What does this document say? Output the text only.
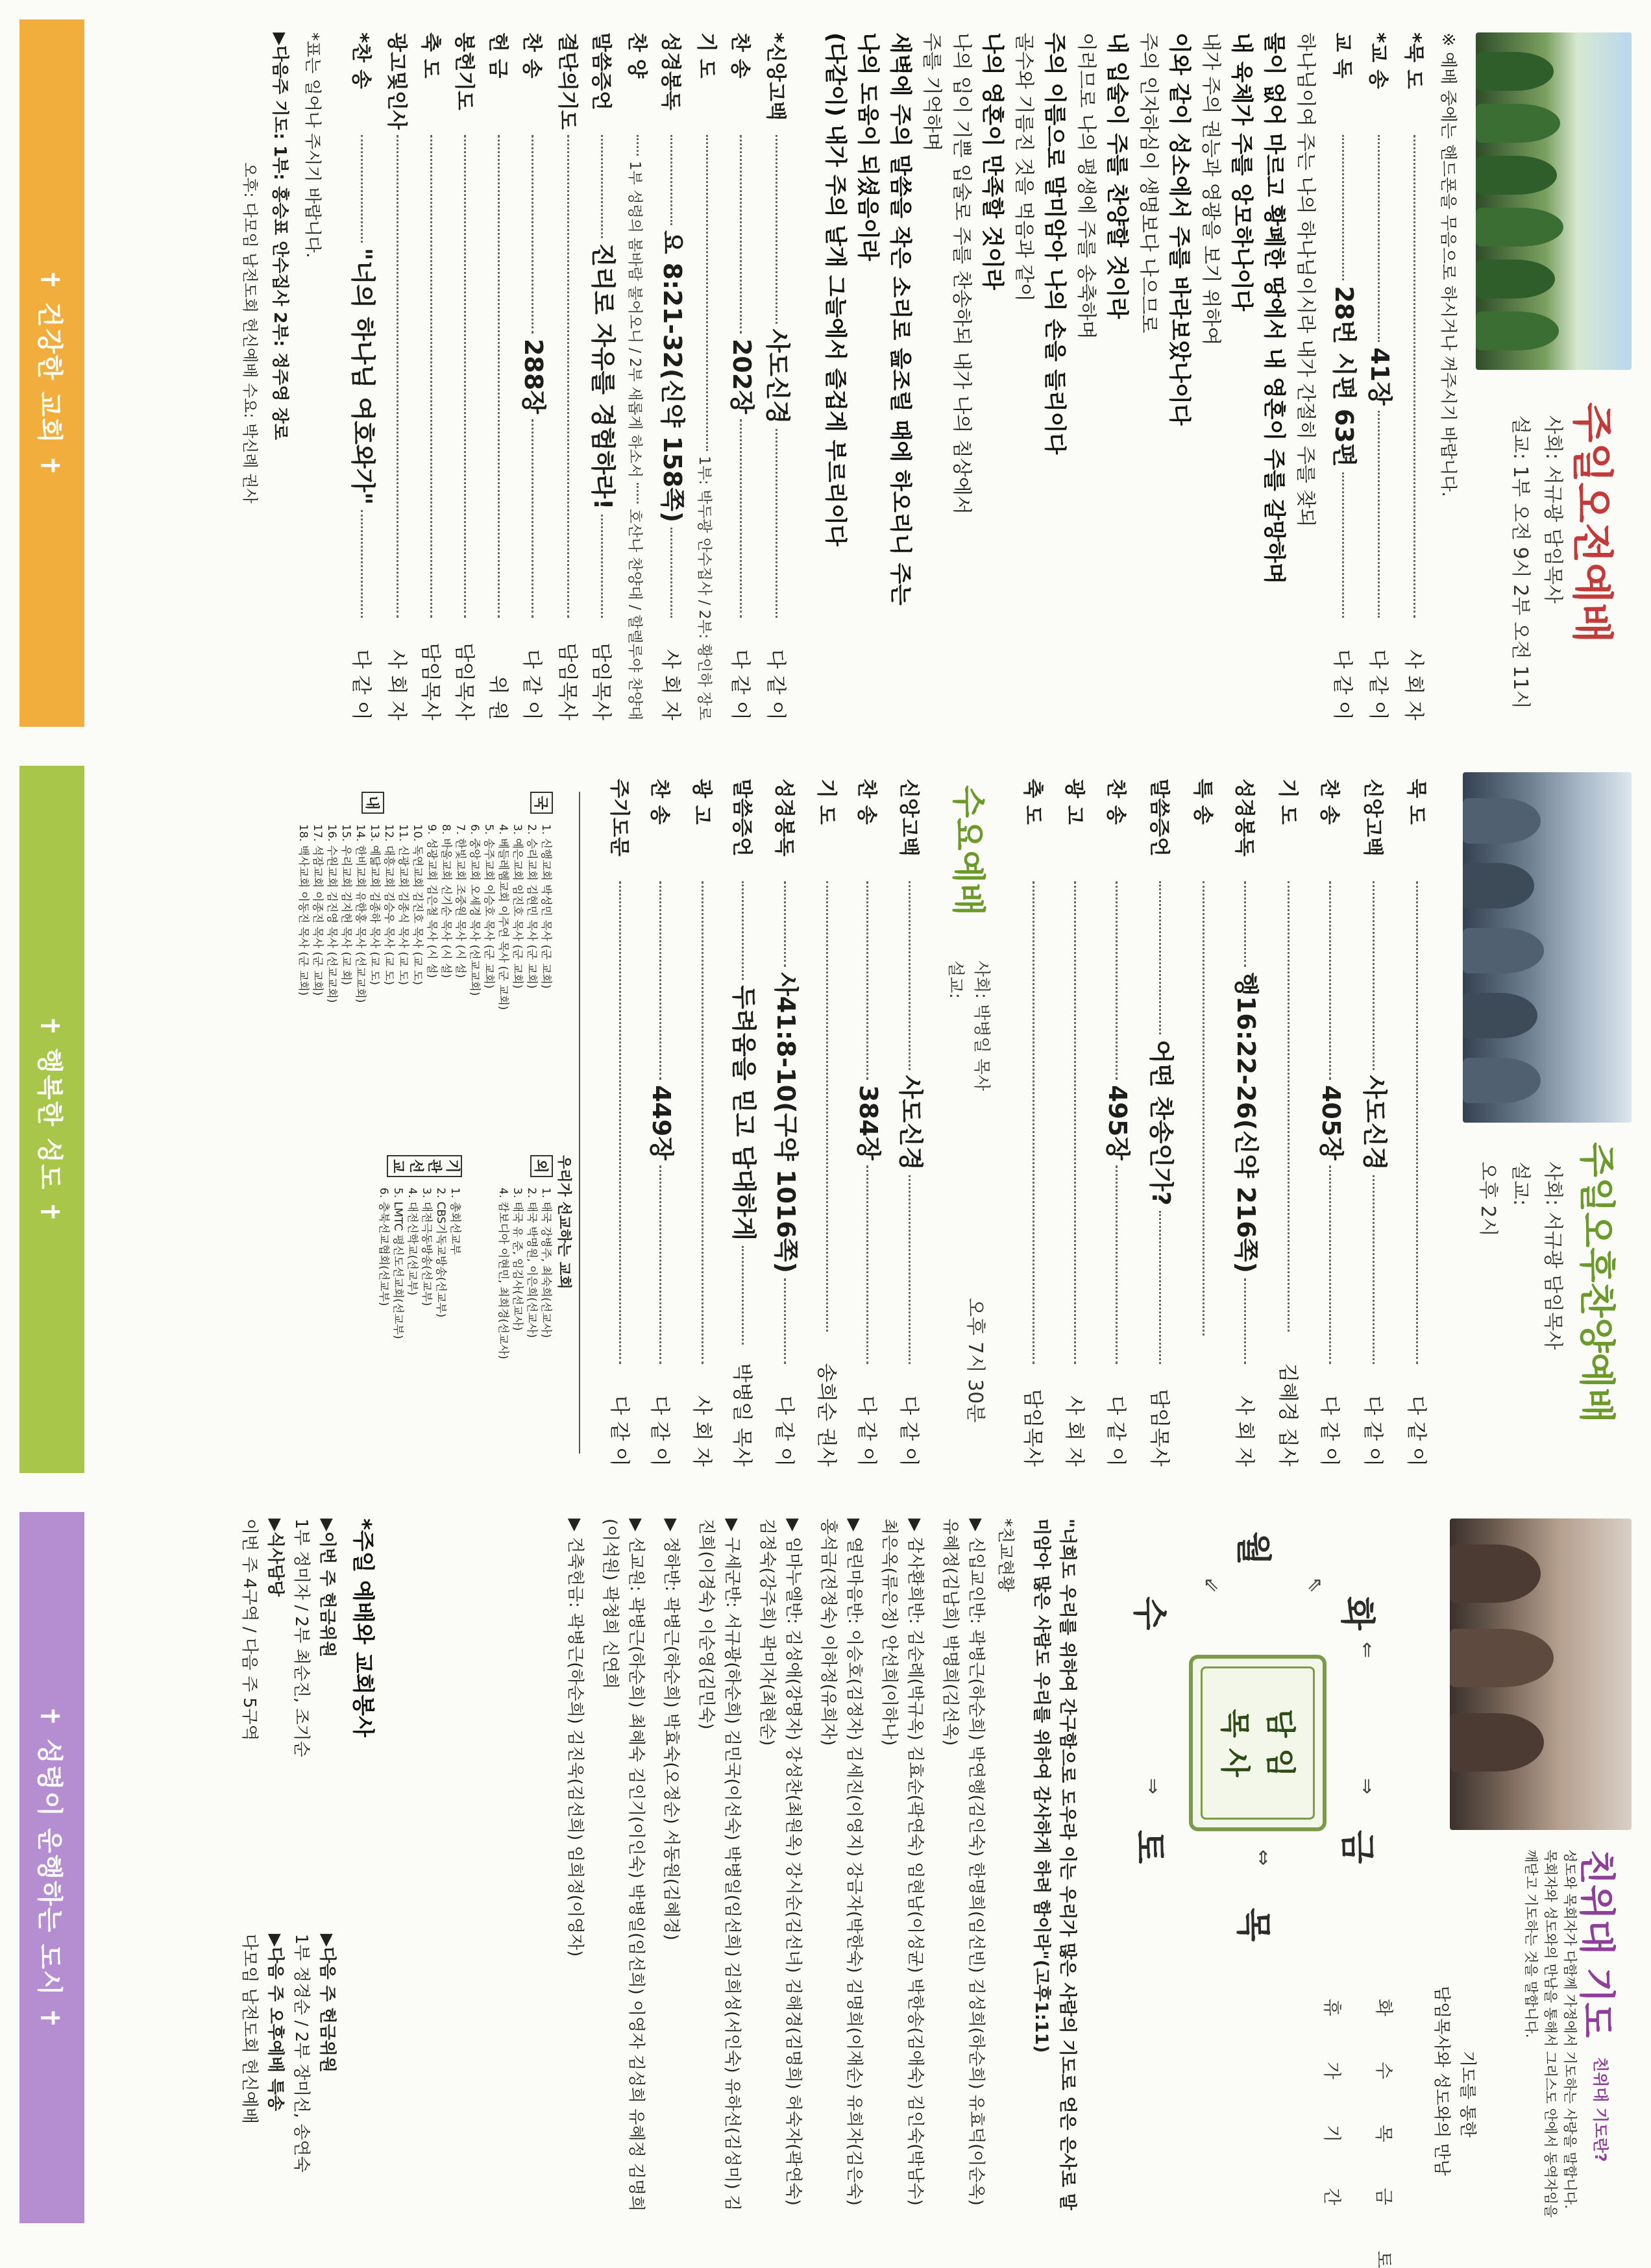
주일오전예배
사회: 서규광 담임목사
설교: 1부 오전 9시 2부 오전 11시
※ 예배 중에는 핸드폰을 무음으로 하시거나 꺼주시기 바랍니다.
*묵 도
사 회 자
*교 송
41장
다 같 이
교 독
28번 시편 63편
다 같 이
하나님이여 주는 나의 하나님이시라 내가 간절히 주를 찾되
물이 없어 마르고 황폐한 땅에서 내 영혼이 주를 갈망하며
내 육체가 주를 앙모하나이다
내가 주의 권능과 영광을 보기 위하여
이와 같이 성소에서 주를 바라보았나이다
주의 인자하심이 생명보다 나으므로
내 입술이 주를 찬양할 것이라
이러므로 나의 평생에 주를 송축하며
주의 이름으로 말미암아 나의 손을 들리이다
골수와 기름진 것을 먹음과 같이
나의 영혼이 만족할 것이라
나의 입이 기쁜 입술로 주를 찬송하되 내가 나의 침상에서
주를 기억하며
새벽에 주의 말씀을 작은 소리로 읊조릴 때에 하오리니 주는
나의 도움이 되셨음이라
(다같이) 내가 주의 날개 그늘에서 즐겁게 부르리이다
*신앙고백
사도신경
다 같 이
찬 송
202장
다 같 이
기 도
1부: 박두광 안수집사 / 2부: 황인하 장로
성경봉독
요 8:21-32(신약 158쪽)
사 회 자
찬 양
1부 성령의 봄바람 불어오니 / 2부 새롭게 하소서
호산나 찬양대 / 할렐루야 찬양대
말씀증언
진리로 자유를 경험하라!
담임목사
결단의기도
담임목사
찬 송
288장
다 같 이
헌 금
위 원
봉헌기도
담임목사
축 도
담임목사
광고및인사
사 회 자
*찬 송
"너의 하나님 여호와가"
다 같 이
*표는 일어나 주시기 바랍니다.
▶다음주 기도: 1부: 홍승표 안수집사 2부: 정주영 장로
오후: 다모임 남전도회 헌신예배 수요: 박신례 권사
✝ 건강한 교회 ✝
주일오후찬양예배
사회: 서규광 담임목사
설교:
오후 2시
묵 도
다 같 이
신앙고백
사도신경
다 같 이
찬 송
405장
다 같 이
기 도
김혜경 집사
성경봉독
행16:22-26(신약 216쪽)
사 회 자
특 송
말씀증언
어떤 찬송인가?
담임목사
찬 송
495장
다 같 이
광 고
사 회 자
축 도
담임목사
수요예배
사회: 박병일 목사
설교:
오후 7시 30분
신앙고백
사도신경
다 같 이
찬 송
384장
다 같 이
기 도
송희순 권사
성경봉독
사41:8-10(구약 1016쪽)
다 같 이
말씀증언
두려움을 믿고 담대하게
박병일 목사
광 고
사 회 자
찬 송
449장
다 같 이
주기도문
다 같 이
우리가 선교하는 교회
국
내
1. 신행교회 박성민 목사 (군 교회)
2. 승리교회 김현민 목사 (군 교회)
3. 예은교회 임진호 목사 (군 교회)
4. 베들레헴교회 이주연 목사 (군 교회)
5. 송주교회 이승호 목사 (군 교회)
6. 중앙교회 오세경 목사 (선교교회)
7. 한빛교회 조중원 목사 (시 설)
8. 바울교회 신기순 목사 (시 설)
9. 성광교회 김은철 목사 (시 설)
10. 독연교회 김진호 목사 (교 도)
11. 신광교회 김종식 목사 (교 도)
12. 대흥교회 김승우 목사 (교 도)
13. 예닮교회 김종하 목사 (교 도)
14. 한비교회 유한홍 목사 (선교교회)
15. 우리교회 김지헌 목사 (교 회)
16. 수원교회 김진영 목사 (선교교회)
17. 석잠교회 이종진 목사 (군 교회)
18. 백사교회 이동진 목사 (군 교회)
외
1. 태국 강병주, 최숙희(선교사)
2. 태국 박명원, 이은희(선교사)
3. 태국 유 준, 임김사(선교사)
4. 캄보디아 이현민, 최희경(선교사)
기 관 선 교
1. 총회선교부
2. CBS기독교방송(선교부)
3. 대전극동방송(선교부)
4. 대전신학교(선교부)
5. LMTC 평신도선교회(선교부)
6. 충북선교협회(선교부)
✝ 행복한 성도 ✝
친위대 기도
친위대 기도란?
성도와 목회자가 다함께 가정에서 기도하는 사랑을 말합니다. 목회자와 성도와의 만남을 통해서 그리스도 안에서 동역자임을 깨닫고 기도하는 것을 말합니다.
기도를 통한
담임목사와 성도와의 만남
월
⇖
화
⇐
수
⇙
담 임
목 사
⇔
목
⇒
금
⇒
토
화
수
목
금
토
휴
가
기
간
"너희도 우리를 위하여 간구함으로 도우라 이는 우리가 많은 사람의 기도로 얻은 은사로 말미암아 많은 사람도 우리를 위하여 감사하게 하려 함이라"(고후1:11)
*친교현황
▶ 신입교인반: 곽병근(하순희) 박연행(김인숙) 한명희(임선빈) 김성희(하순희) 유효덕(이순옥) 유혜정(김남희) 박명희(김선옥)
▶ 감사환희반: 김순례(박규옥) 김효순(곽연숙) 임현남(이성균) 박한송(김애숙) 김인숙(박남수) 최은옥(류은정) 안선희(이하나)
▶ 열린마음반: 이승호(김정자) 김세진(이영지) 강금자(박한숙) 김명희(이재순) 유희자(김은숙) 홍석금(전정숙) 이하정(유희자)
▶ 임마누엘반: 김성애(강명자) 강성찬(최원옥) 강시순(김선녀) 김해경(김명희) 허숙자(곽연숙) 김정숙(강주희) 곽미자(최현순)
▶ 구세군반: 서규광(하순희) 김민국(이선숙) 박병일(임선희) 김희성(서인숙) 유하선(김성미) 김진희(이경숙) 이순영(김민숙)
▶ 정하반: 곽병근(하순희) 박효숙(오정순) 서동원(김혜경)
▶ 선교원: 곽병근(하순희) 최혜숙 김인기(이인숙) 박병일(임선희) 이영자 김성희 유혜정 김명희(이석원) 곽청희 신연희
▶ 건축헌금: 곽병근(하순희) 김진욱(김선희) 임희정(이영자)
*주일 예배와 교회봉사
▶이번 주 헌금위원
▶다음 주 헌금위원
1부 정미자 / 2부 최순진, 조기순
1부 정경순 / 2부 장미선, 송연숙
▶식사담당
▶다음 주 오후예배 특송
이번 주 4구역 / 다음 주 5구역
다모임 남전도회 헌신예배
✝ 성령이 운행하는 도시 ✝
